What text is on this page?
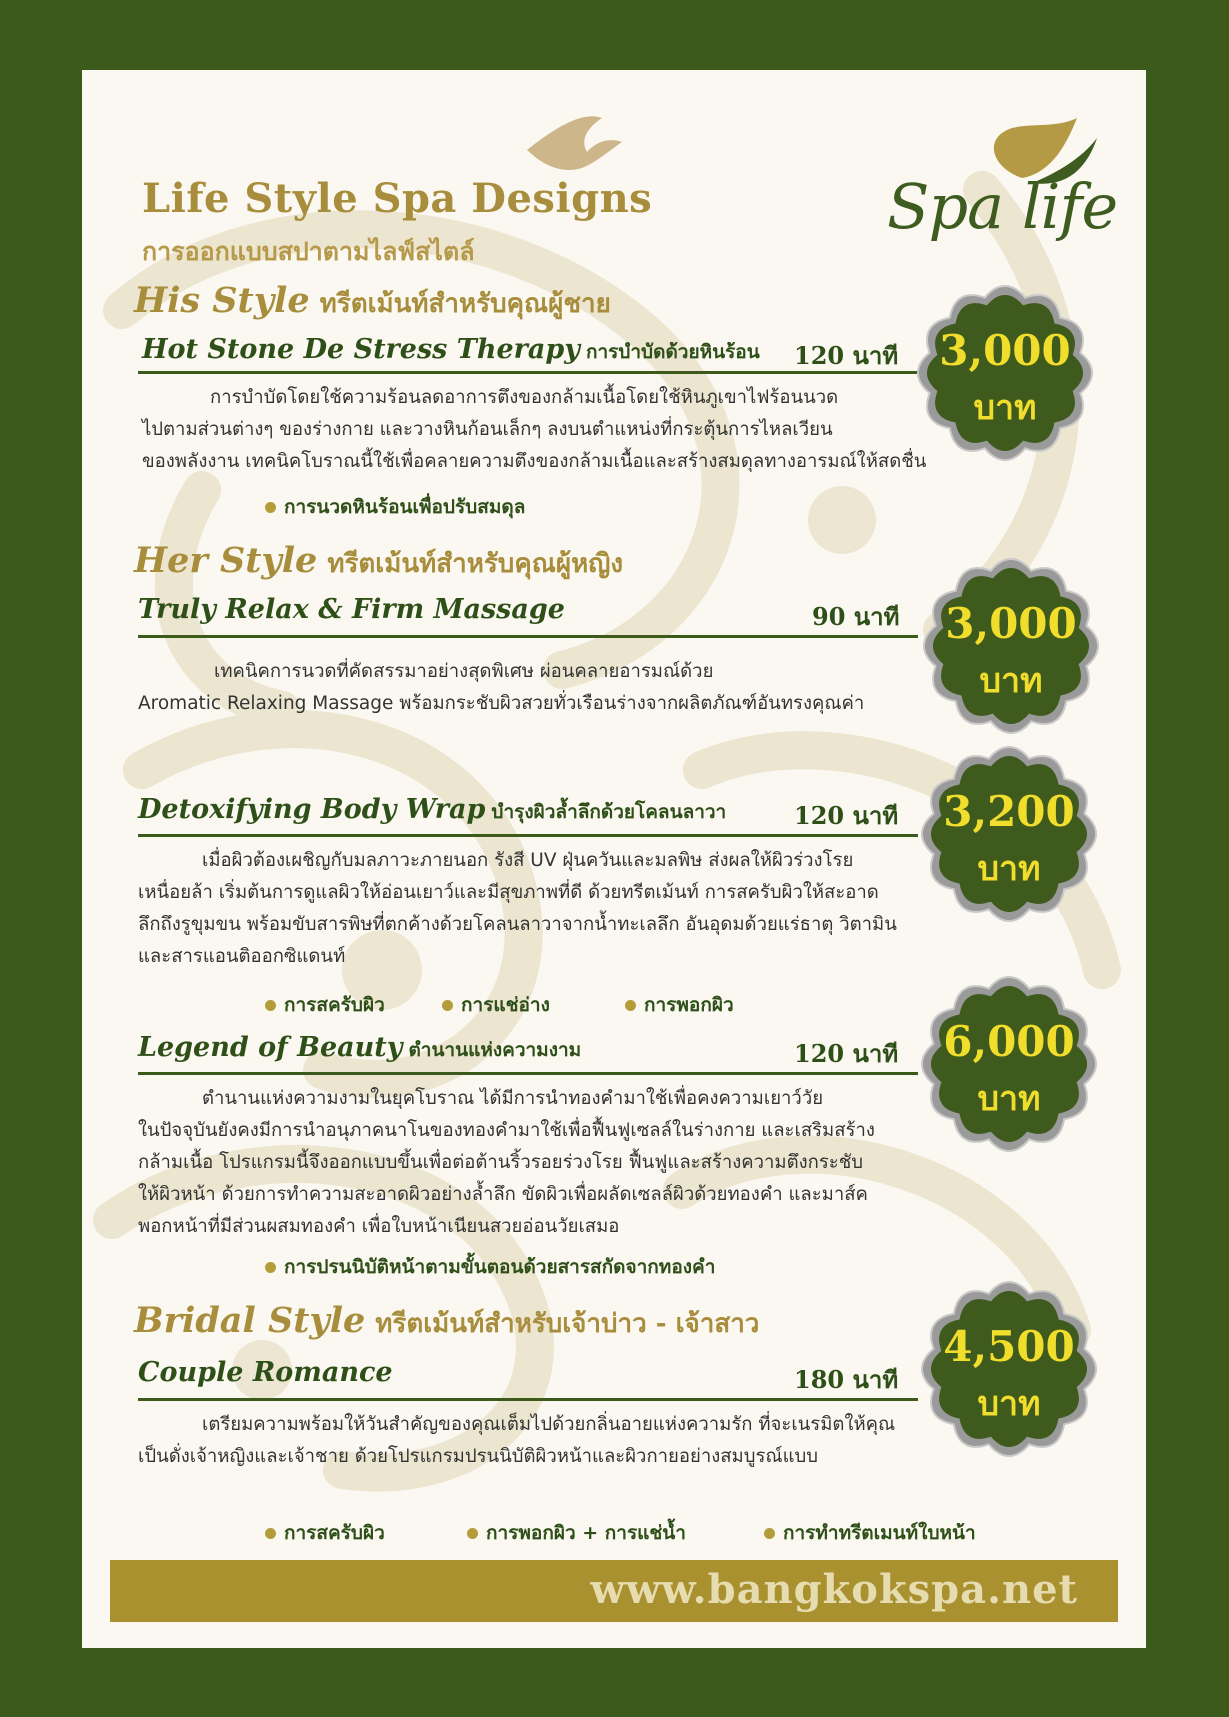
Spa life
Life Style Spa Designs
การออกแบบสปาตามไลฟ์สไตล์
His Style ทรีตเม้นท์สำหรับคุณผู้ชาย
Hot Stone De Stress Therapy การบำบัดด้วยหินร้อน 120 นาที
การบำบัดโดยใช้ความร้อนลดอาการตึงของกล้ามเนื้อโดยใช้หินภูเขาไฟร้อนนวด
ไปตามส่วนต่างๆ ของร่างกาย และวางหินก้อนเล็กๆ ลงบนตำแหน่งที่กระตุ้นการไหลเวียน
ของพลังงาน เทคนิคโบราณนี้ใช้เพื่อคลายความตึงของกล้ามเนื้อและสร้างสมดุลทางอารมณ์ให้สดชื่น
การนวดหินร้อนเพื่อปรับสมดุล
Her Style ทรีตเม้นท์สำหรับคุณผู้หญิง
Truly Relax & Firm Massage	90 นาที
เทคนิคการนวดที่คัดสรรมาอย่างสุดพิเศษ ผ่อนคลายอารมณ์ด้วย
Aromatic Relaxing Massage พร้อมกระชับผิวสวยทั่วเรือนร่างจากผลิตภัณฑ์อันทรงคุณค่า
Detoxifying Body Wrap บำรุงผิวล้ำลึกด้วยโคลนลาวา	120 นาที
เมื่อผิวต้องเผชิญกับมลภาวะภายนอก รังสี UV ฝุ่นควันและมลพิษ ส่งผลให้ผิวร่วงโรย
เหนื่อยล้า เริ่มต้นการดูแลผิวให้อ่อนเยาว์และมีสุขภาพที่ดี ด้วยทรีตเม้นท์ การสครับผิวให้สะอาด
ลึกถึงรูขุมขน พร้อมขับสารพิษที่ตกค้างด้วยโคลนลาวาจากน้ำทะเลลึก อันอุดมด้วยแร่ธาตุ วิตามิน
และสารแอนติออกซิแดนท์
การสครับผิว	การแช่อ่าง	การพอกผิว
Legend of Beauty ตำนานแห่งความงาม	120 นาที
ตำนานแห่งความงามในยุคโบราณ ได้มีการนำทองคำมาใช้เพื่อคงความเยาว์วัย
ในปัจจุบันยังคงมีการนำอนุภาคนาโนของทองคำมาใช้เพื่อฟื้นฟูเซลล์ในร่างกาย และเสริมสร้าง
กล้ามเนื้อ โปรแกรมนี้จึงออกแบบขึ้นเพื่อต่อต้านริ้วรอยร่วงโรย ฟื้นฟูและสร้างความตึงกระชับ
ให้ผิวหน้า ด้วยการทำความสะอาดผิวอย่างล้ำลึก ขัดผิวเพื่อผลัดเซลล์ผิวด้วยทองคำ และมาส์ค
พอกหน้าที่มีส่วนผสมทองคำ เพื่อใบหน้าเนียนสวยอ่อนวัยเสมอ
การปรนนิบัติหน้าตามขั้นตอนด้วยสารสกัดจากทองคำ
Bridal Style ทรีตเม้นท์สำหรับเจ้าบ่าว - เจ้าสาว
Couple Romance	180 นาที
เตรียมความพร้อมให้วันสำคัญของคุณเต็มไปด้วยกลิ่นอายแห่งความรัก ที่จะเนรมิตให้คุณ
เป็นดั่งเจ้าหญิงและเจ้าชาย ด้วยโปรแกรมปรนนิบัติผิวหน้าและผิวกายอย่างสมบูรณ์แบบ
การสครับผิว	การพอกผิว + การแช่น้ำ	การทำทรีตเมนท์ใบหน้า
3,000
บาท
3,000
บาท
3,200
บาท
6,000
บาท
4,500
บาท
www.bangkokspa.net
